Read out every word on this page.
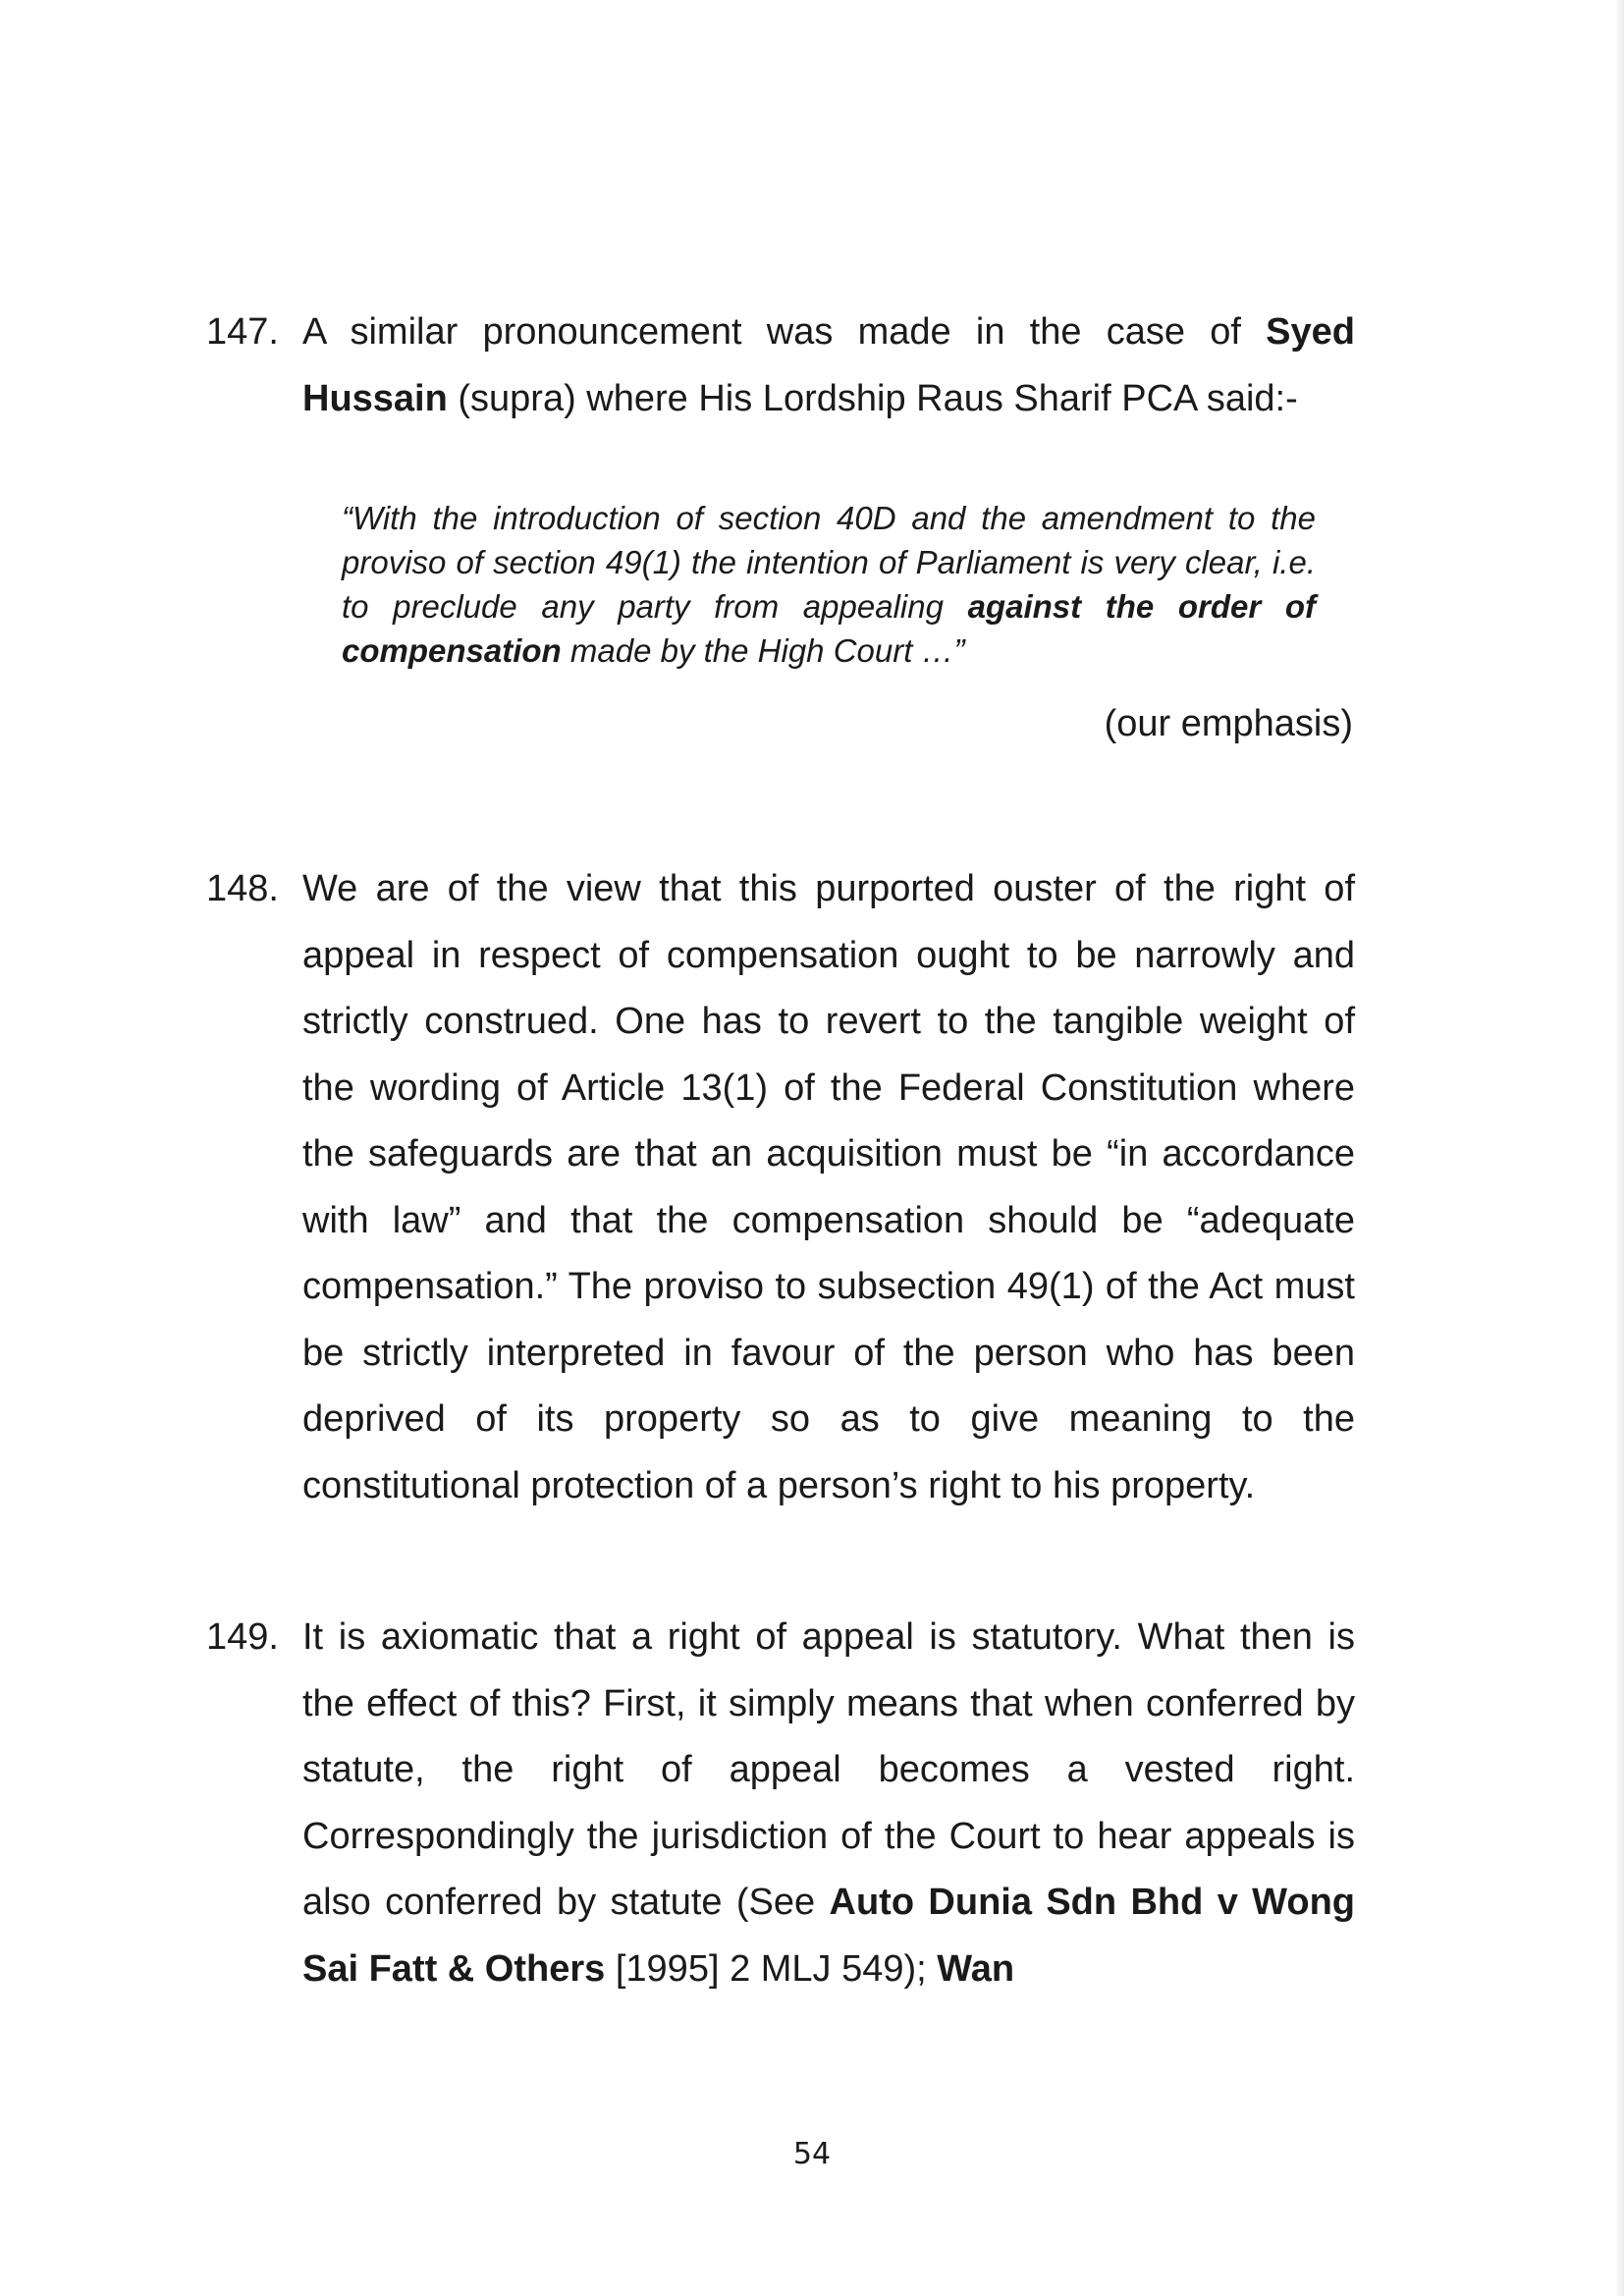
147. A similar pronouncement was made in the case of Syed Hussain (supra) where His Lordship Raus Sharif PCA said:-
“With the introduction of section 40D and the amendment to the proviso of section 49(1) the intention of Parliament is very clear, i.e. to preclude any party from appealing against the order of compensation made by the High Court …”
(our emphasis)
148. We are of the view that this purported ouster of the right of appeal in respect of compensation ought to be narrowly and strictly construed. One has to revert to the tangible weight of the wording of Article 13(1) of the Federal Constitution where the safeguards are that an acquisition must be “in accordance with law” and that the compensation should be “adequate compensation.” The proviso to subsection 49(1) of the Act must be strictly interpreted in favour of the person who has been deprived of its property so as to give meaning to the constitutional protection of a person’s right to his property.
149. It is axiomatic that a right of appeal is statutory. What then is the effect of this? First, it simply means that when conferred by statute, the right of appeal becomes a vested right. Correspondingly the jurisdiction of the Court to hear appeals is also conferred by statute (See Auto Dunia Sdn Bhd v Wong Sai Fatt & Others [1995] 2 MLJ 549); Wan
54
